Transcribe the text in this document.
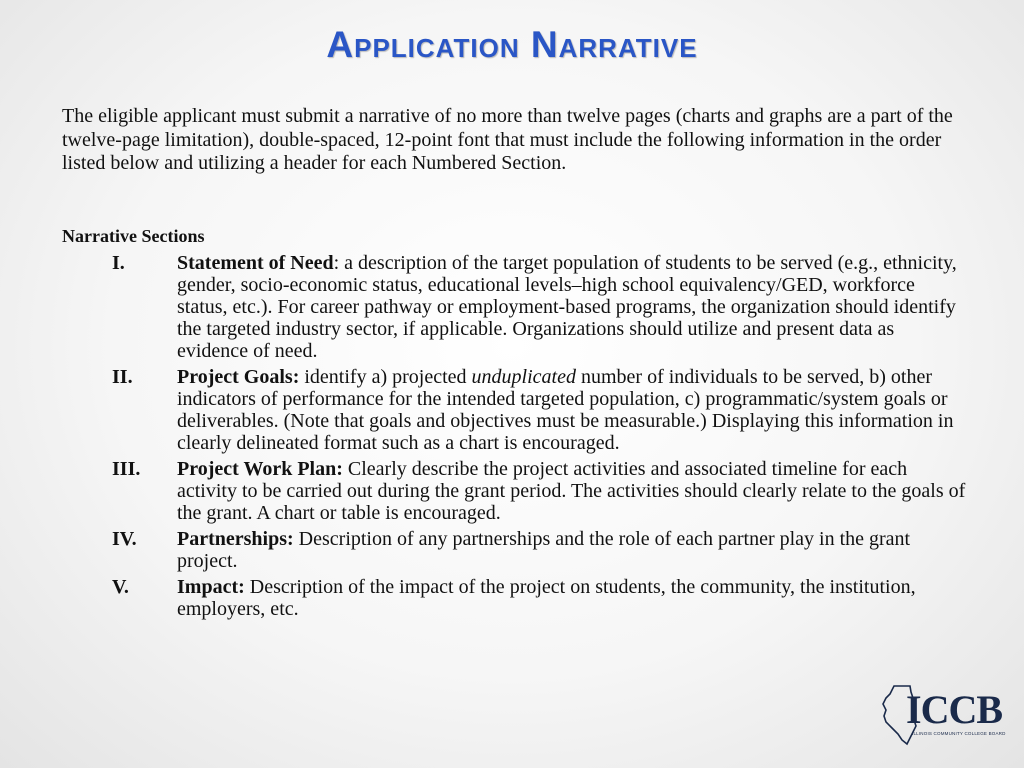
Application Narrative

The eligible applicant must submit a narrative of no more than twelve pages (charts and graphs are a part of the twelve-page limitation), double-spaced, 12-point font that must include the following information in the order listed below and utilizing a header for each Numbered Section.

Narrative Sections

I.	Statement of Need: a description of the target population of students to be served (e.g., ethnicity, gender, socio-economic status, educational levels–high school equivalency/GED, workforce status, etc.). For career pathway or employment-based programs, the organization should identify the targeted industry sector, if applicable. Organizations should utilize and present data as evidence of need.
II.	Project Goals: identify a) projected unduplicated number of individuals to be served, b) other indicators of performance for the intended targeted population, c) programmatic/system goals or deliverables. (Note that goals and objectives must be measurable.) Displaying this information in clearly delineated format such as a chart is encouraged.
III.	Project Work Plan: Clearly describe the project activities and associated timeline for each activity to be carried out during the grant period. The activities should clearly relate to the goals of the grant. A chart or table is encouraged.
IV.	Partnerships: Description of any partnerships and the role of each partner play in the grant project.
V.	Impact: Description of the impact of the project on students, the community, the institution, employers, etc.
ICCB
ILLINOIS COMMUNITY COLLEGE BOARD
